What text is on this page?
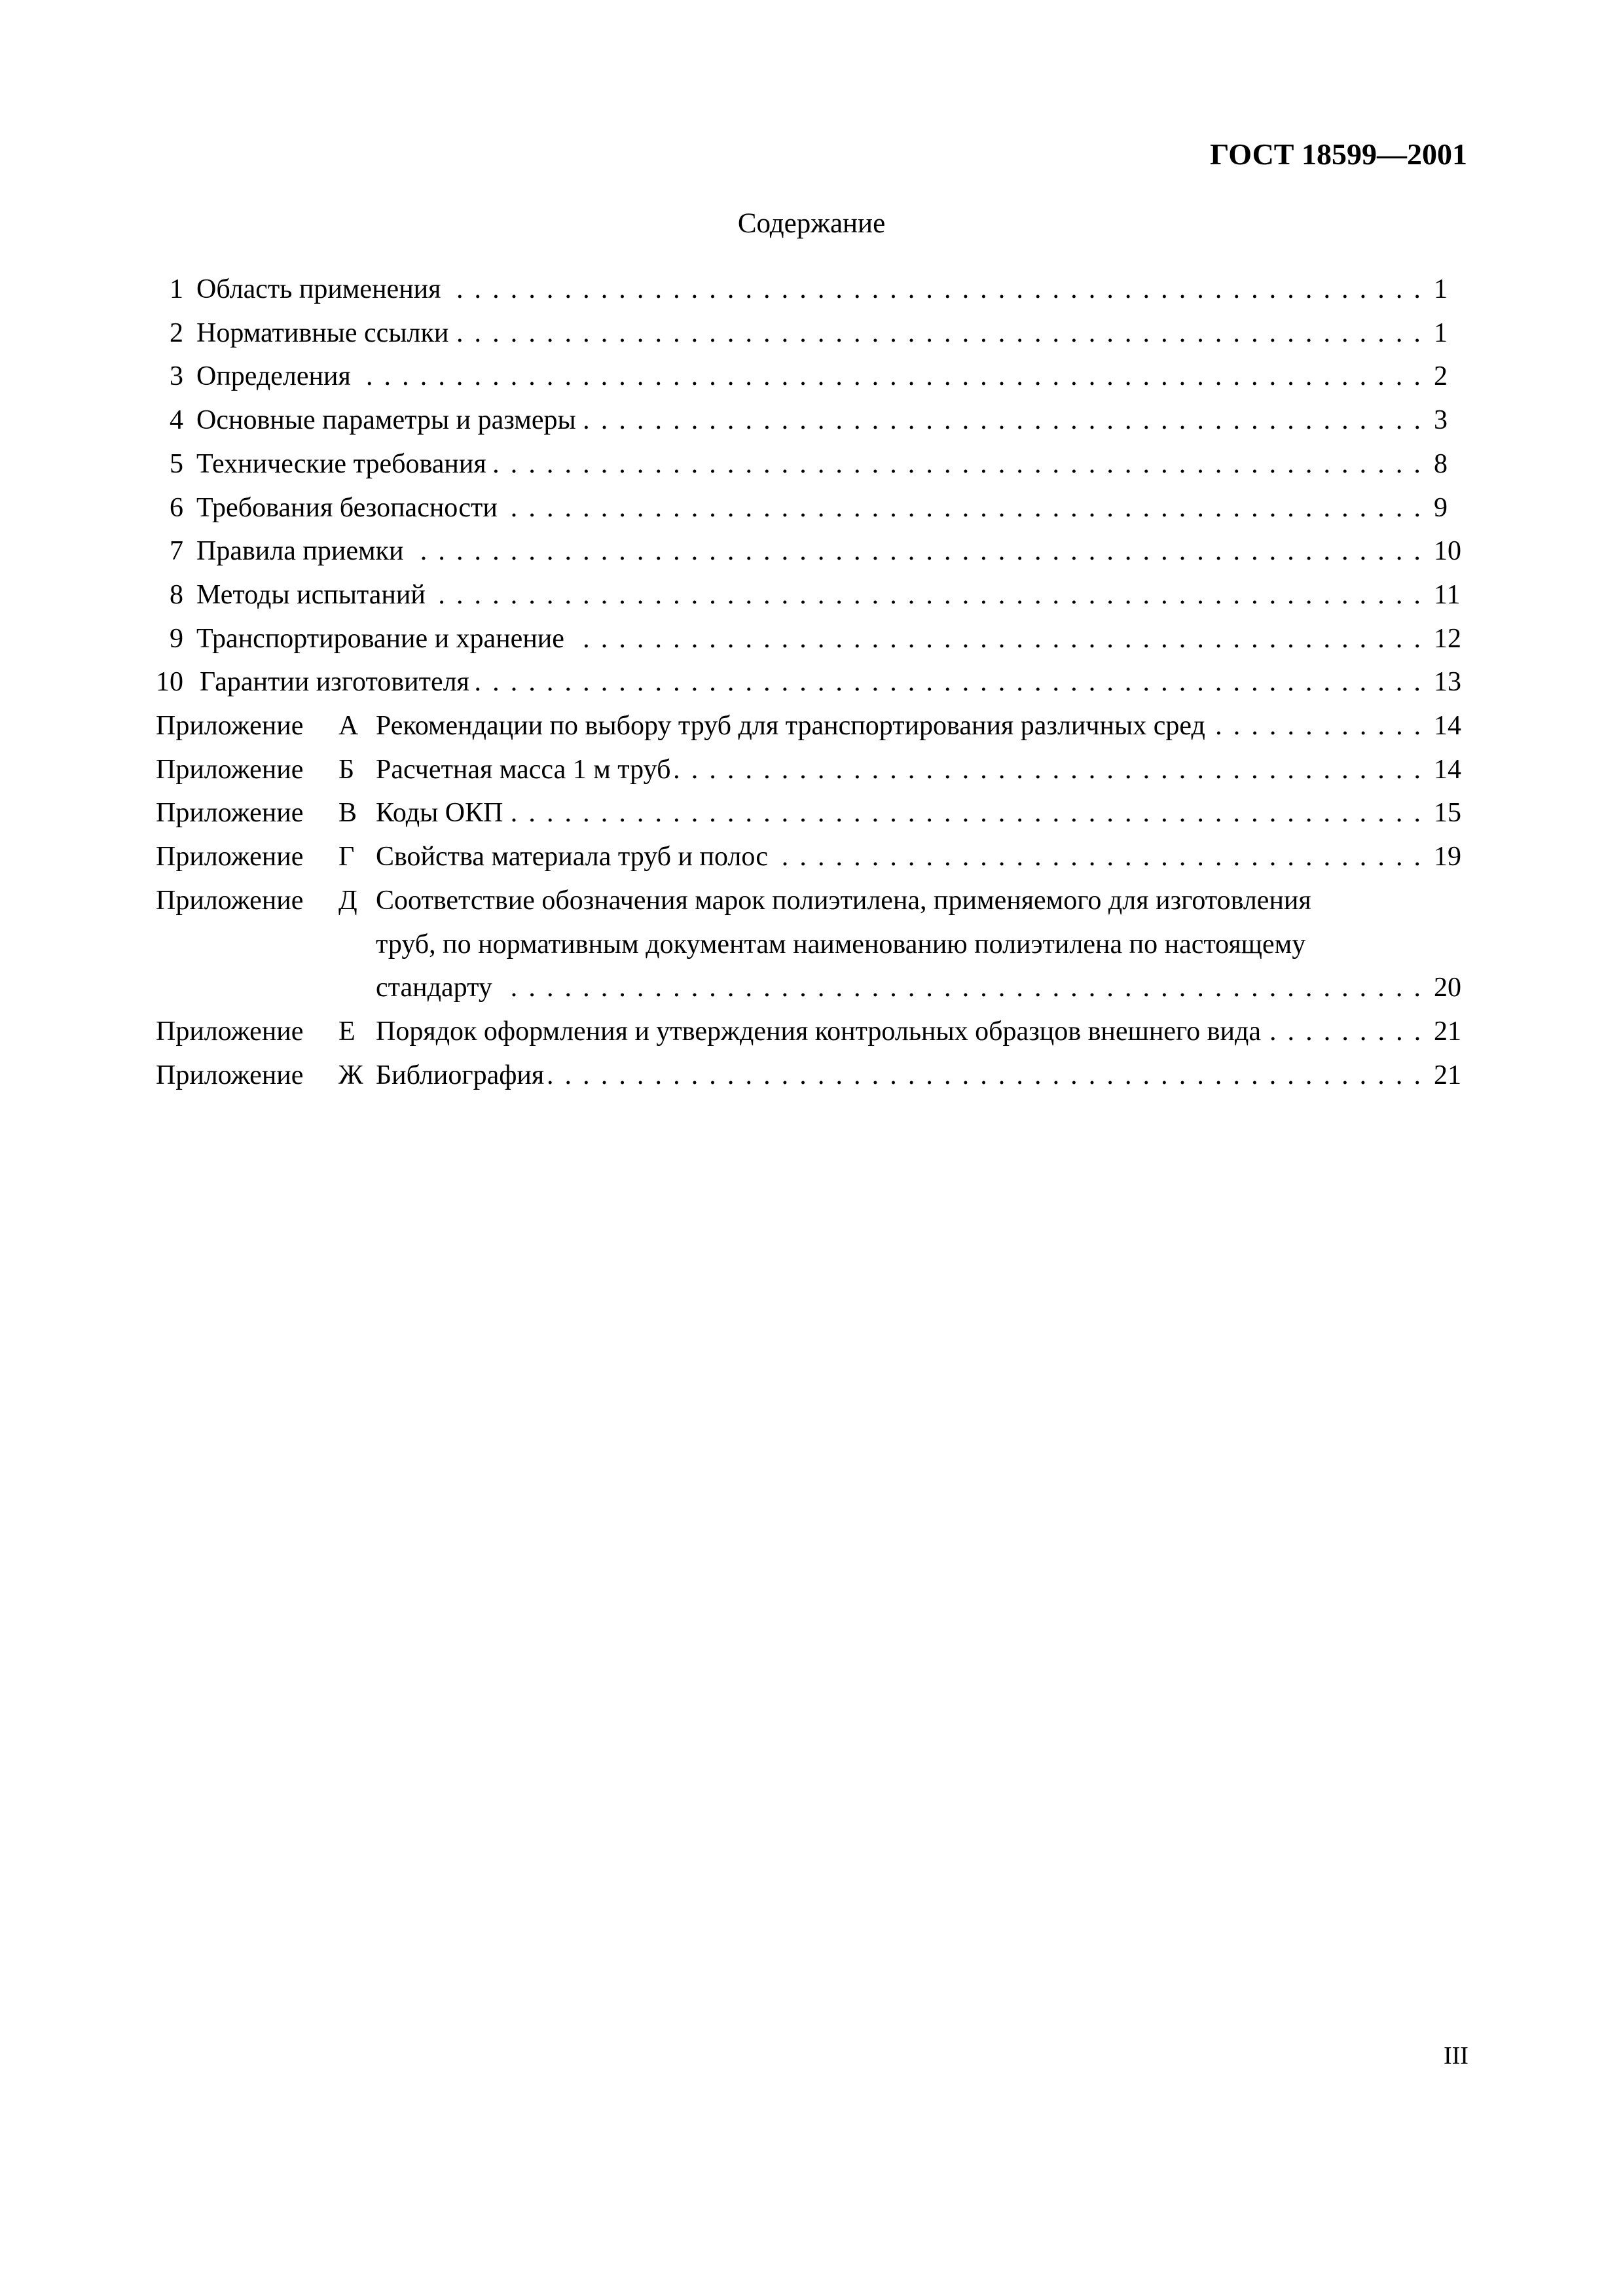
ГОСТ 18599—2001
Содержание
1 Область применения	1
. . . . . . . . . . . . . . . . . . . . . . . . . . . . . . . . . . . . . . . . . . . . . . . . . . . . . .
2 Нормативные ссылки	1
. . . . . . . . . . . . . . . . . . . . . . . . . . . . . . . . . . . . . . . . . . . . . . . . . . . . . .
3 Определения	2
. . . . . . . . . . . . . . . . . . . . . . . . . . . . . . . . . . . . . . . . . . . . . . . . . . . . . . . . . . .
4 Основные параметры и размеры	3
. . . . . . . . . . . . . . . . . . . . . . . . . . . . . . . . . . . . . . . . . . . . . . .
5 Технические требования	8
. . . . . . . . . . . . . . . . . . . . . . . . . . . . . . . . . . . . . . . . . . . . . . . . . . . .
6 Требования безопасности	9
. . . . . . . . . . . . . . . . . . . . . . . . . . . . . . . . . . . . . . . . . . . . . . . . . . .
7 Правила приемки	10
. . . . . . . . . . . . . . . . . . . . . . . . . . . . . . . . . . . . . . . . . . . . . . . . . . . . . . . .
8 Методы испытаний	11
. . . . . . . . . . . . . . . . . . . . . . . . . . . . . . . . . . . . . . . . . . . . . . . . . . . . . . .
9 Транспортирование и хранение	12
. . . . . . . . . . . . . . . . . . . . . . . . . . . . . . . . . . . . . . . . . . . . . . .
10 Гарантии изготовителя	13
. . . . . . . . . . . . . . . . . . . . . . . . . . . . . . . . . . . . . . . . . . . . . . . . . . . . .
Приложение А Рекомендации по выбору труб для транспортирования различных сред	14
. . . . . . . . . . . .
Приложение Б Расчетная масса 1 м труб	14
. . . . . . . . . . . . . . . . . . . . . . . . . . . . . . . . . . . . . . . . . .
Приложение В Коды ОКП	15
. . . . . . . . . . . . . . . . . . . . . . . . . . . . . . . . . . . . . . . . . . . . . . . . . . .
Приложение Г Свойства материала труб и полос	19
. . . . . . . . . . . . . . . . . . . . . . . . . . . . . . . . . . . .
Приложение Д Соответствие обозначения марок полиэтилена, применяемого для изготовления
труб, по нормативным документам наименованию полиэтилена по настоящему
стандарту	20
. . . . . . . . . . . . . . . . . . . . . . . . . . . . . . . . . . . . . . . . . . . . . . . . . . .
Приложение Е Порядок оформления и утверждения контрольных образцов внешнего вида	21
. . . . . . . . .
Приложение Ж Библиография	21
. . . . . . . . . . . . . . . . . . . . . . . . . . . . . . . . . . . . . . . . . . . . . . . . .
III
